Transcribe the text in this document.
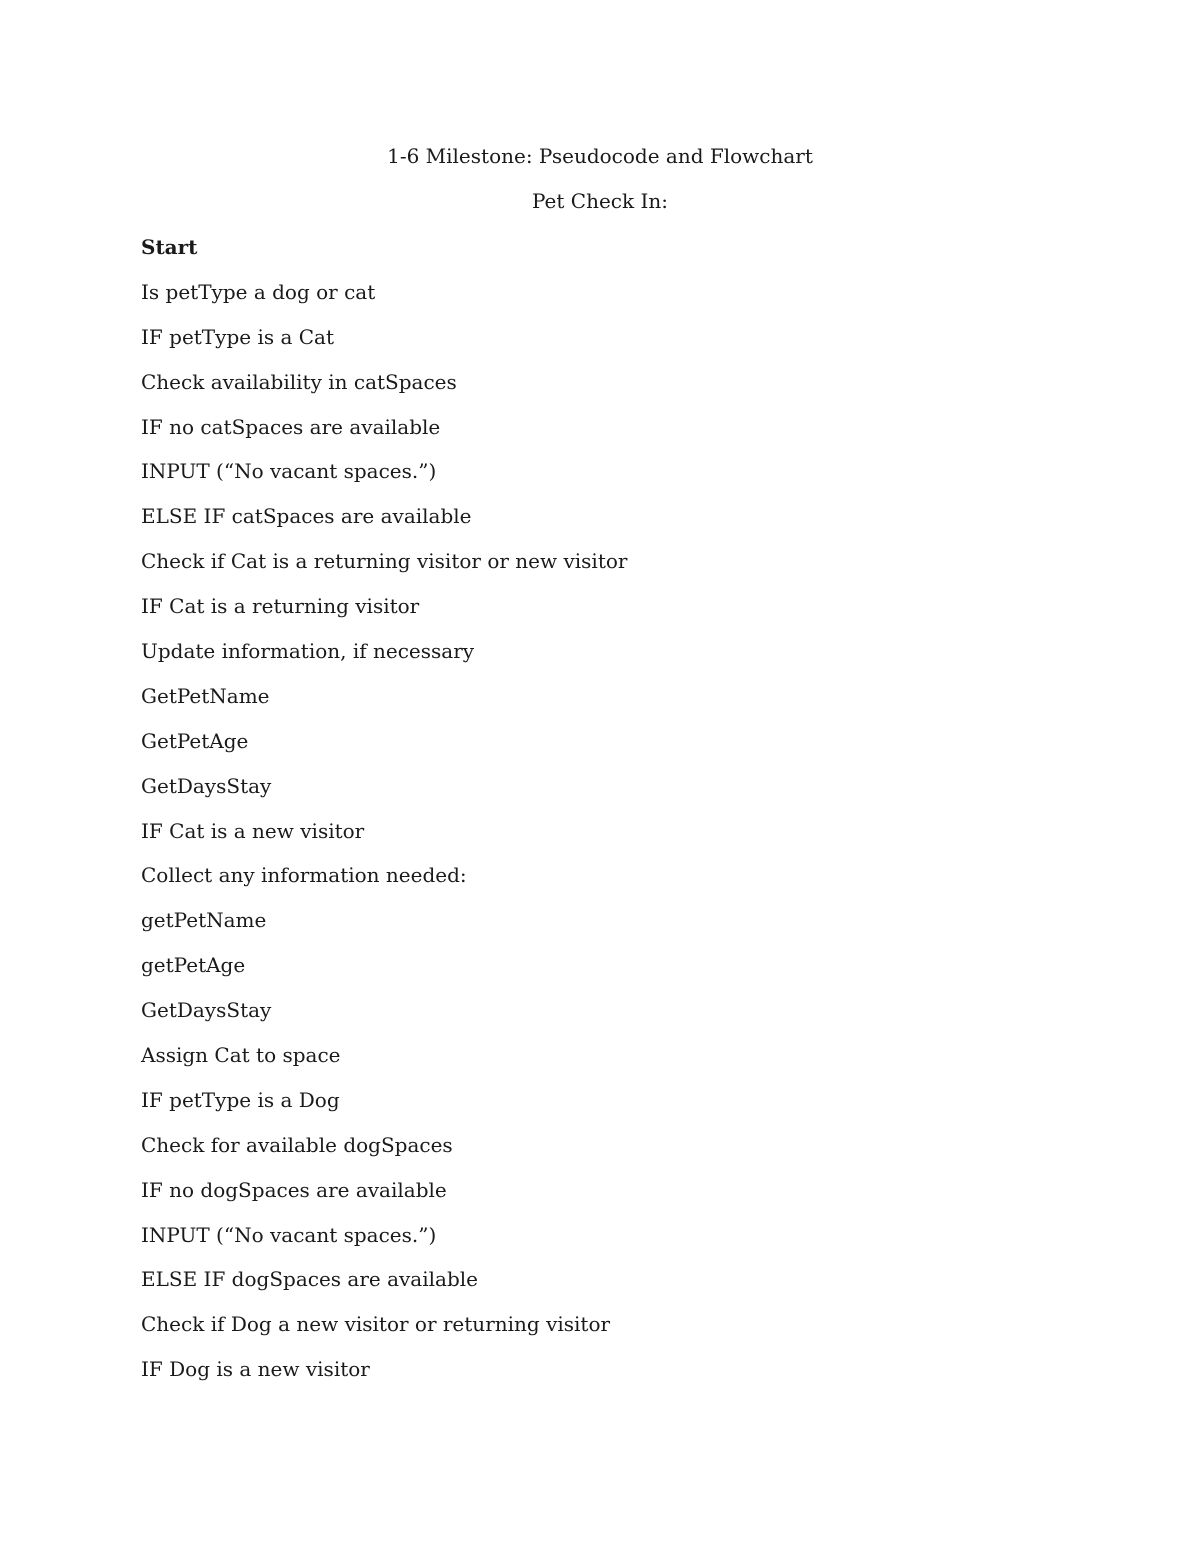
1-6 Milestone: Pseudocode and Flowchart
Pet Check In:
Start
Is petType a dog or cat
IF petType is a Cat
Check availability in catSpaces
IF no catSpaces are available
INPUT (“No vacant spaces.”)
ELSE IF catSpaces are available
Check if Cat is a returning visitor or new visitor
IF Cat is a returning visitor
Update information, if necessary
GetPetName
GetPetAge
GetDaysStay
IF Cat is a new visitor
Collect any information needed:
getPetName
getPetAge
GetDaysStay
Assign Cat to space
IF petType is a Dog
Check for available dogSpaces
IF no dogSpaces are available
INPUT (“No vacant spaces.”)
ELSE IF dogSpaces are available
Check if Dog a new visitor or returning visitor
IF Dog is a new visitor
